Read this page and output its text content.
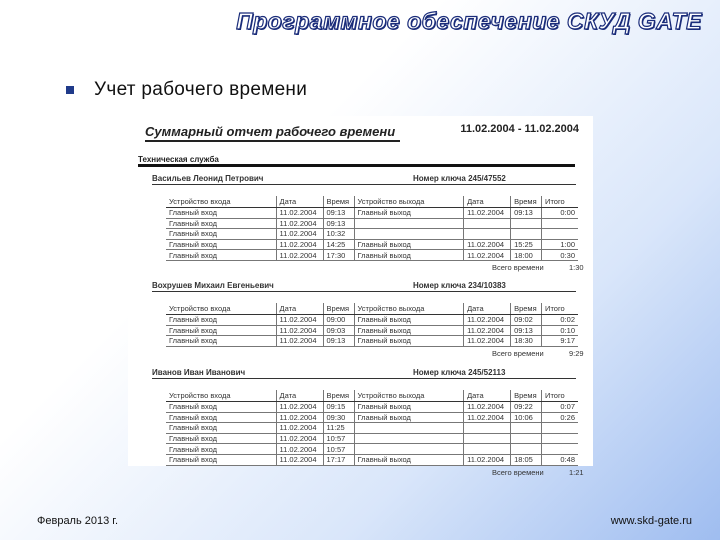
Программное обеспечение СКУД GATE
Учет рабочего времени
Суммарный отчет рабочего времени	11.02.2004 - 11.02.2004
Техническая служба
Васильев Леонид Петрович	Номер ключа 245/47552
Устройство входа	Дата	Время	Устройство выхода	Дата	Время	Итого
Главный вход	11.02.2004	09:13	Главный выход	11.02.2004	09:13	0:00
Главный вход	11.02.2004	09:13				
Главный вход	11.02.2004	10:32				
Главный вход	11.02.2004	14:25	Главный выход	11.02.2004	15:25	1:00
Главный вход	11.02.2004	17:30	Главный выход	11.02.2004	18:00	0:30
Всего времени	1:30
Вохрушев Михаил Евгеньевич	Номер ключа 234/10383
Устройство входа	Дата	Время	Устройство выхода	Дата	Время	Итого
Главный вход	11.02.2004	09:00	Главный выход	11.02.2004	09:02	0:02
Главный вход	11.02.2004	09:03	Главный выход	11.02.2004	09:13	0:10
Главный вход	11.02.2004	09:13	Главный выход	11.02.2004	18:30	9:17
Всего времени	9:29
Иванов Иван Иванович	Номер ключа 245/52113
Устройство входа	Дата	Время	Устройство выхода	Дата	Время	Итого
Главный вход	11.02.2004	09:15	Главный выход	11.02.2004	09:22	0:07
Главный вход	11.02.2004	09:30	Главный выход	11.02.2004	10:06	0:26
Главный вход	11.02.2004	11:25				
Главный вход	11.02.2004	10:57				
Главный вход	11.02.2004	10:57				
Главный вход	11.02.2004	17:17	Главный выход	11.02.2004	18:05	0:48
Всего времени	1:21
Февраль 2013 г.	www.skd-gate.ru
